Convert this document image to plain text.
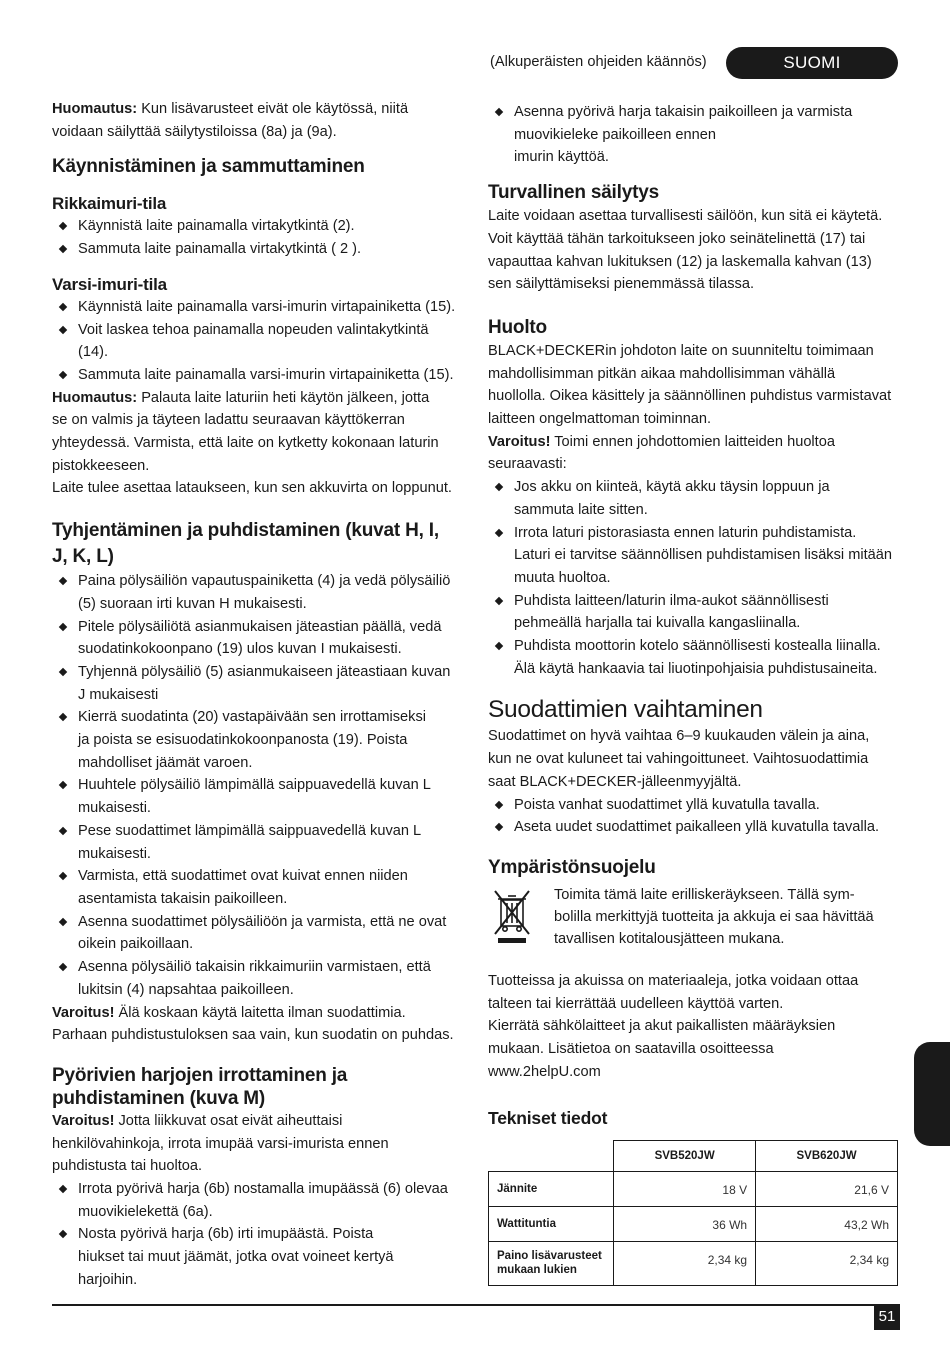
(Alkuperäisten ohjeiden käännös)	SUOMI

Huomautus: Kun lisävarusteet eivät ole käytössä, niitä
voidaan säilyttää säilytystiloissa (8a) ja (9a).

Käynnistäminen ja sammuttaminen
Rikkaimuri-tila
Käynnistä laite painamalla virtakytkintä (2).
Sammuta laite painamalla virtakytkintä ( 2 ).
Varsi-imuri-tila
Käynnistä laite painamalla varsi-imurin virtapainiketta (15).
Voit laskea tehoa painamalla nopeuden valintakytkintä
(14).
Sammuta laite painamalla varsi-imurin virtapainiketta (15).

Huomautus: Palauta laite laturiin heti käytön jälkeen, jotta
se on valmis ja täyteen ladattu seuraavan käyttökerran
yhteydessä. Varmista, että laite on kytketty kokonaan laturin
pistokkeeseen.
Laite tulee asettaa lataukseen, kun sen akkuvirta on loppunut.

Tyhjentäminen ja puhdistaminen (kuvat H, I,
J, K, L)
Paina pölysäiliön vapautuspainiketta (4) ja vedä pölysäiliö
(5) suoraan irti kuvan H mukaisesti.
Pitele pölysäiliötä asianmukaisen jäteastian päällä, vedä
suodatinkokoonpano (19) ulos kuvan I mukaisesti.
Tyhjennä pölysäiliö (5) asianmukaiseen jäteastiaan kuvan
J mukaisesti
Kierrä suodatinta (20) vastapäivään sen irrottamiseksi
ja poista se esisuodatinkokoonpanosta (19). Poista
mahdolliset jäämät varoen.
Huuhtele pölysäiliö lämpimällä saippuavedellä kuvan L
mukaisesti.
Pese suodattimet lämpimällä saippuavedellä kuvan L
mukaisesti.
Varmista, että suodattimet ovat kuivat ennen niiden
asentamista takaisin paikoilleen.
Asenna suodattimet pölysäiliöön ja varmista, että ne ovat
oikein paikoillaan.
Asenna pölysäiliö takaisin rikkaimuriin varmistaen, että
lukitsin (4) napsahtaa paikoilleen.

Varoitus! Älä koskaan käytä laitetta ilman suodattimia.
Parhaan puhdistustuloksen saa vain, kun suodatin on puhdas.

Pyörivien harjojen irrottaminen ja
puhdistaminen (kuva M)

Varoitus! Jotta liikkuvat osat eivät aiheuttaisi
henkilövahinkoja, irrota imupää varsi-imurista ennen
puhdistusta tai huoltoa.

Irrota pyörivä harja (6b) nostamalla imupäässä (6) olevaa
muovikielekettä (6a).
Nosta pyörivä harja (6b) irti imupäästä. Poista
hiukset tai muut jäämät, jotka ovat voineet kertyä
harjoihin.
Asenna pyörivä harja takaisin paikoilleen ja varmista
muovikieleke paikoilleen ennen
imurin käyttöä.
Turvallinen säilytys

Laite voidaan asettaa turvallisesti säilöön, kun sitä ei käytetä.
Voit käyttää tähän tarkoitukseen joko seinätelinettä (17) tai
vapauttaa kahvan lukituksen (12) ja laskemalla kahvan (13)
sen säilyttämiseksi pienemmässä tilassa.

Huolto

BLACK+DECKERin johdoton laite on suunniteltu toimimaan
mahdollisimman pitkän aikaa mahdollisimman vähällä
huollolla. Oikea käsittely ja säännöllinen puhdistus varmistavat
laitteen ongelmattoman toiminnan.

Varoitus! Toimi ennen johdottomien laitteiden huoltoa
seuraavasti:

Jos akku on kiinteä, käytä akku täysin loppuun ja
sammuta laite sitten.
Irrota laturi pistorasiasta ennen laturin puhdistamista.
Laturi ei tarvitse säännöllisen puhdistamisen lisäksi mitään
muuta huoltoa.
Puhdista laitteen/laturin ilma-aukot säännöllisesti
pehmeällä harjalla tai kuivalla kangasliinalla.
Puhdista moottorin kotelo säännöllisesti kostealla liinalla.
Älä käytä hankaavia tai liuotinpohjaisia puhdistusaineita.
Suodattimien vaihtaminen

Suodattimet on hyvä vaihtaa 6–9 kuukauden välein ja aina,
kun ne ovat kuluneet tai vahingoittuneet. Vaihtosuodattimia
saat BLACK+DECKER-jälleenmyyjältä.

Poista vanhat suodattimet yllä kuvatulla tavalla.
Aseta uudet suodattimet paikalleen yllä kuvatulla tavalla.
Ympäristönsuojelu
Toimita tämä laite erilliskeräykseen. Tällä sym-
bolilla merkittyjä tuotteita ja akkuja ei saa hävittää
tavallisen kotitalousjätteen mukana.

Tuotteissa ja akuissa on materiaaleja, jotka voidaan ottaa
talteen tai kierrättää uudelleen käyttöä varten.
Kierrätä sähkölaitteet ja akut paikallisten määräyksien
mukaan. Lisätietoa on saatavilla osoitteessa
www.2helpU.com

Tekniset tiedot
	SVB520JW	SVB620JW
Jännite	18 V	21,6 V
Wattituntia	36 Wh	43,2 Wh
Paino lisävarusteet mukaan lukien	2,34 kg	2,34 kg
51
